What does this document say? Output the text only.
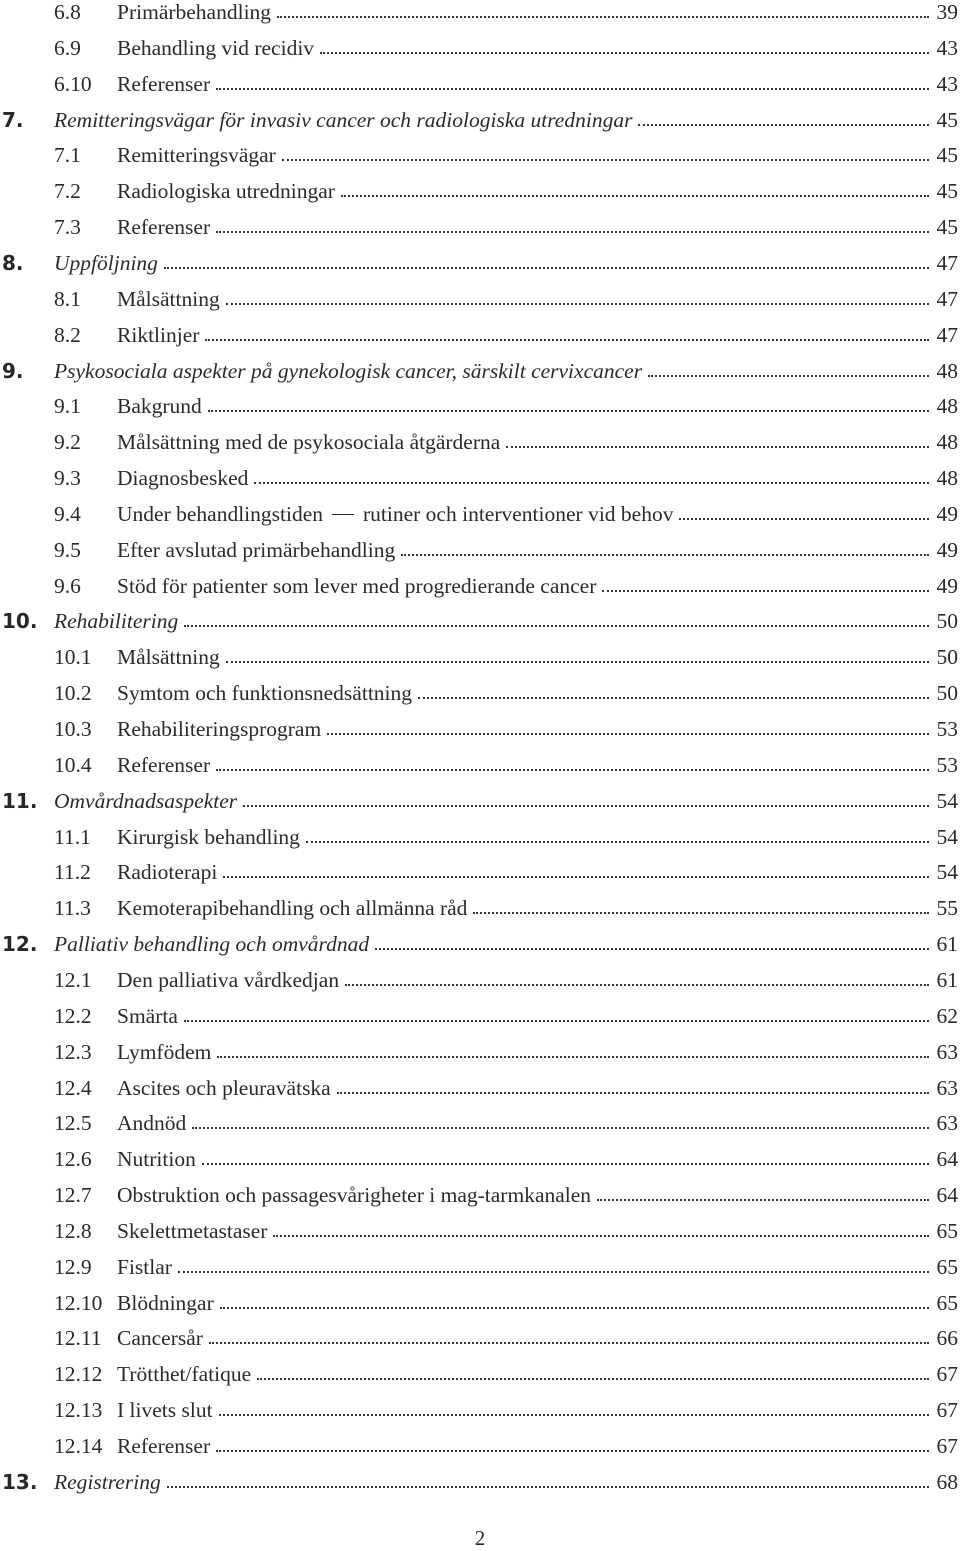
6.8 Primärbehandling	39
6.9 Behandling vid recidiv	43
6.10 Referenser	43
7. Remitteringsvägar för invasiv cancer och radiologiska utredningar	45
7.1 Remitteringsvägar	45
7.2 Radiologiska utredningar	45
7.3 Referenser	45
8. Uppföljning	47
8.1 Målsättning	47
8.2 Riktlinjer	47
9. Psykosociala aspekter på gynekologisk cancer, särskilt cervixcancer	48
9.1 Bakgrund	48
9.2 Målsättning med de psykosociala åtgärderna	48
9.3 Diagnosbesked	48
9.4 Under behandlingstiden rutiner och interventioner vid behov	49
9.5 Efter avslutad primärbehandling	49
9.6 Stöd för patienter som lever med progredierande cancer	49
10. Rehabilitering	50
10.1 Målsättning	50
10.2 Symtom och funktionsnedsättning	50
10.3 Rehabiliteringsprogram	53
10.4 Referenser	53
11. Omvårdnadsaspekter	54
11.1 Kirurgisk behandling	54
11.2 Radioterapi	54
11.3 Kemoterapibehandling och allmänna råd	55
12. Palliativ behandling och omvårdnad	61
12.1 Den palliativa vårdkedjan	61
12.2 Smärta	62
12.3 Lymfödem	63
12.4 Ascites och pleuravätska	63
12.5 Andnöd	63
12.6 Nutrition	64
12.7 Obstruktion och passagesvårigheter i mag-tarmkanalen	64
12.8 Skelettmetastaser	65
12.9 Fistlar	65
12.10 Blödningar	65
12.11 Cancersår	66
12.12 Trötthet/fatique	67
12.13 I livets slut	67
12.14 Referenser	67
13. Registrering	68
2
